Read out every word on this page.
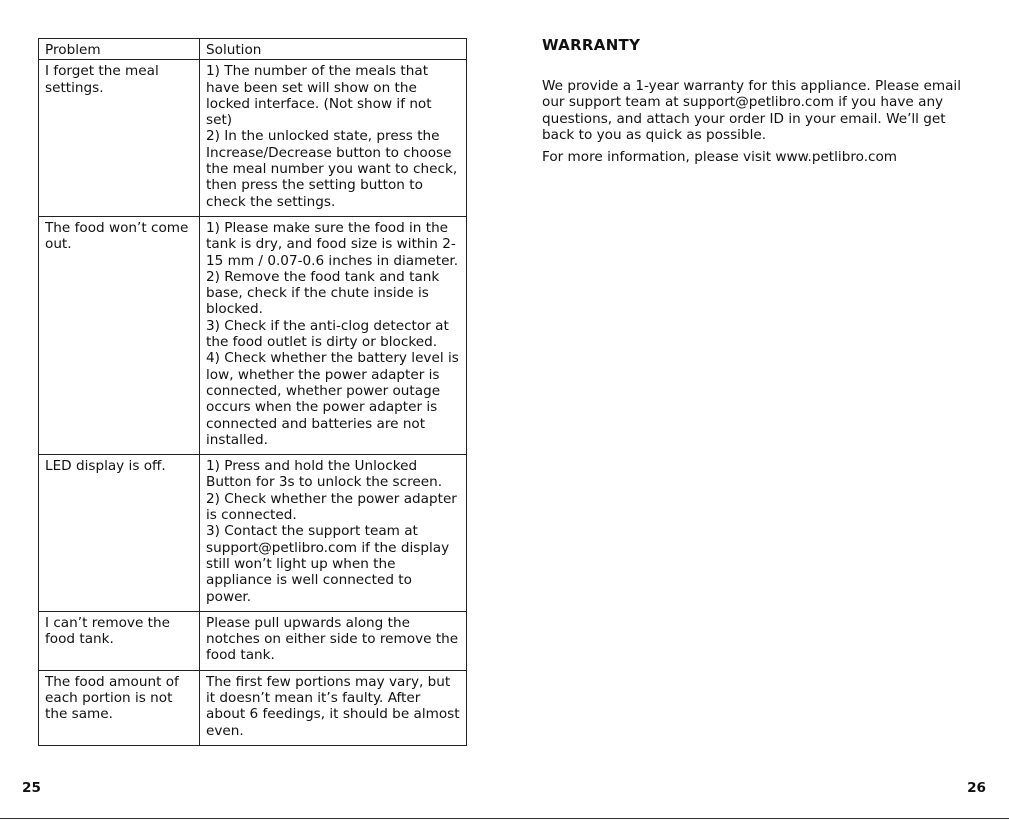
Problem	Solution
I forget the meal settings.	1) The number of the meals that have been set will show on the locked interface. (Not show if not set)
2) In the unlocked state, press the Increase/Decrease button to choose the meal number you want to check, then press the setting button to check the settings.
The food won’t come out.	1) Please make sure the food in the tank is dry, and food size is within 2-15 mm / 0.07-0.6 inches in diameter.
2) Remove the food tank and tank base, check if the chute inside is blocked.
3) Check if the anti-clog detector at the food outlet is dirty or blocked.
4) Check whether the battery level is low, whether the power adapter is connected, whether power outage occurs when the power adapter is connected and batteries are not installed.
LED display is off.	1) Press and hold the Unlocked Button for 3s to unlock the screen.
2) Check whether the power adapter is connected.
3) Contact the support team at support@petlibro.com if the display still won’t light up when the appliance is well connected to power.
I can’t remove the food tank.	Please pull upwards along the notches on either side to remove the food tank.
The food amount of each portion is not the same.	The first few portions may vary, but it doesn’t mean it’s faulty. After about 6 feedings, it should be almost even.
25
WARRANTY

We provide a 1-year warranty for this appliance. Please email our support team at support@petlibro.com if you have any questions, and attach your order ID in your email. We’ll get back to you as quick as possible.

For more information, please visit www.petlibro.com

26
